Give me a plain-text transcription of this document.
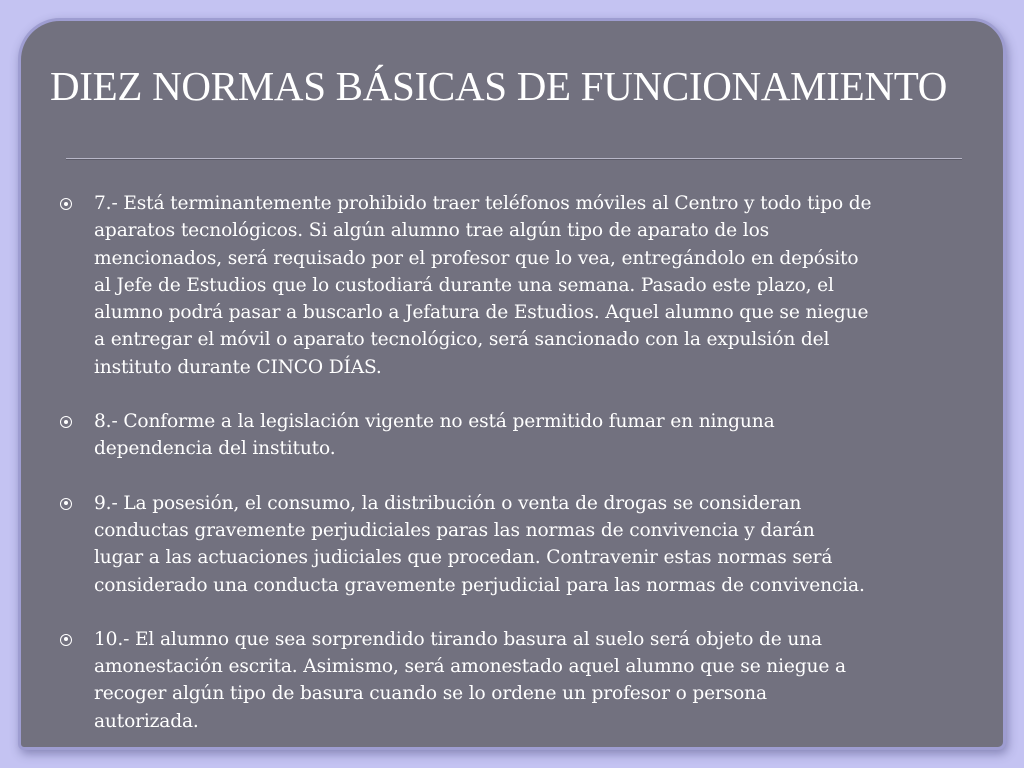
DIEZ NORMAS BÁSICAS DE FUNCIONAMIENTO
7.- Está terminantemente prohibido traer teléfonos móviles al Centro y todo tipo de
aparatos tecnológicos. Si algún alumno trae algún tipo de aparato de los
mencionados, será requisado por el profesor que lo vea, entregándolo en depósito
al Jefe de Estudios que lo custodiará durante una semana. Pasado este plazo, el
alumno podrá pasar a buscarlo a Jefatura de Estudios. Aquel alumno que se niegue
a entregar el móvil o aparato tecnológico, será sancionado con la expulsión del
instituto durante CINCO DÍAS.
8.- Conforme a la legislación vigente no está permitido fumar en ninguna
dependencia del instituto.
9.- La posesión, el consumo, la distribución o venta de drogas se consideran
conductas gravemente perjudiciales paras las normas de convivencia y darán
lugar a las actuaciones judiciales que procedan. Contravenir estas normas será
considerado una conducta gravemente perjudicial para las normas de convivencia.
10.- El alumno que sea sorprendido tirando basura al suelo será objeto de una
amonestación escrita. Asimismo, será amonestado aquel alumno que se niegue a
recoger algún tipo de basura cuando se lo ordene un profesor o persona
autorizada.
